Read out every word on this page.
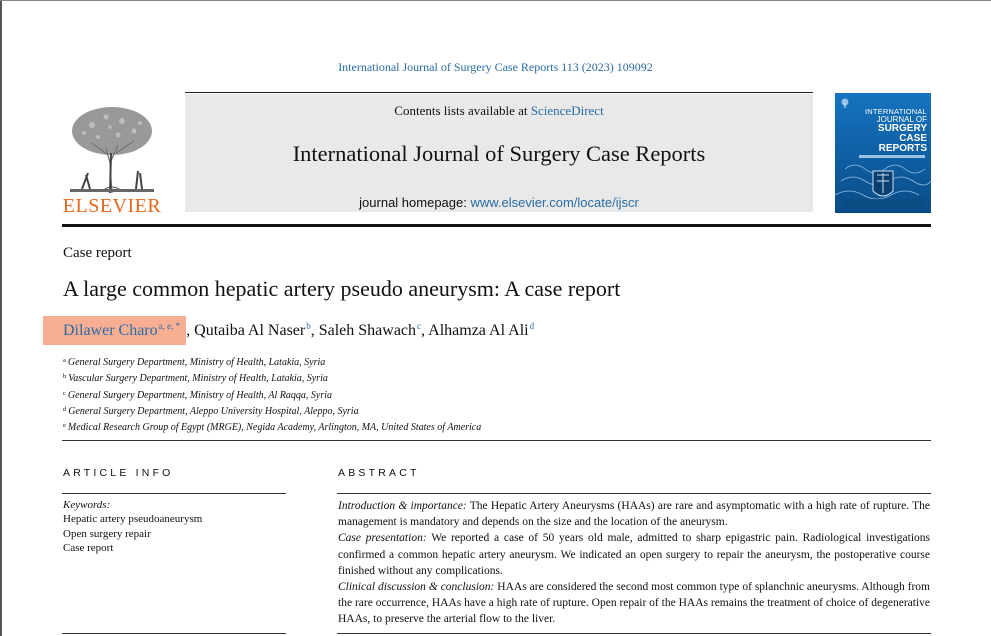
International Journal of Surgery Case Reports 113 (2023) 109092
ELSEVIER
Contents lists available at ScienceDirect
International Journal of Surgery Case Reports
journal homepage: www.elsevier.com/locate/ijscr
INTERNATIONAL
JOURNAL OF
SURGERY
CASE
REPORTS
Case report
A large common hepatic artery pseudo aneurysm: A case report
Dilawer Charo$^{a, e, *}$ , Qutaiba Al Naser$^b$, Saleh Shawach$^c$, Alhamza Al Ali$^d$
$^a$ General Surgery Department, Ministry of Health, Latakia, Syria
$^b$ Vascular Surgery Department, Ministry of Health, Latakia, Syria
$^c$ General Surgery Department, Ministry of Health, Al Raqqa, Syria
$^d$ General Surgery Department, Aleppo University Hospital, Aleppo, Syria
$^e$ Medical Research Group of Egypt (MRGE), Negida Academy, Arlington, MA, United States of America
ARTICLE INFO	ABSTRACT
Keywords:
Hepatic artery pseudoaneurysm
Open surgery repair
Case report

Introduction & importance: The Hepatic Artery Aneurysms (HAAs) are rare and asymptomatic with a high rate of rupture. The management is mandatory and depends on the size and the location of the aneurysm.

Case presentation: We reported a case of 50 years old male, admitted to sharp epigastric pain. Radiological investigations confirmed a common hepatic artery aneurysm. We indicated an open surgery to repair the aneurysm, the postoperative course finished without any complications.

Clinical discussion & conclusion: HAAs are considered the second most common type of splanchnic aneurysms. Although from the rare occurrence, HAAs have a high rate of rupture. Open repair of the HAAs remains the treatment of choice of degenerative HAAs, to preserve the arterial flow to the liver.
